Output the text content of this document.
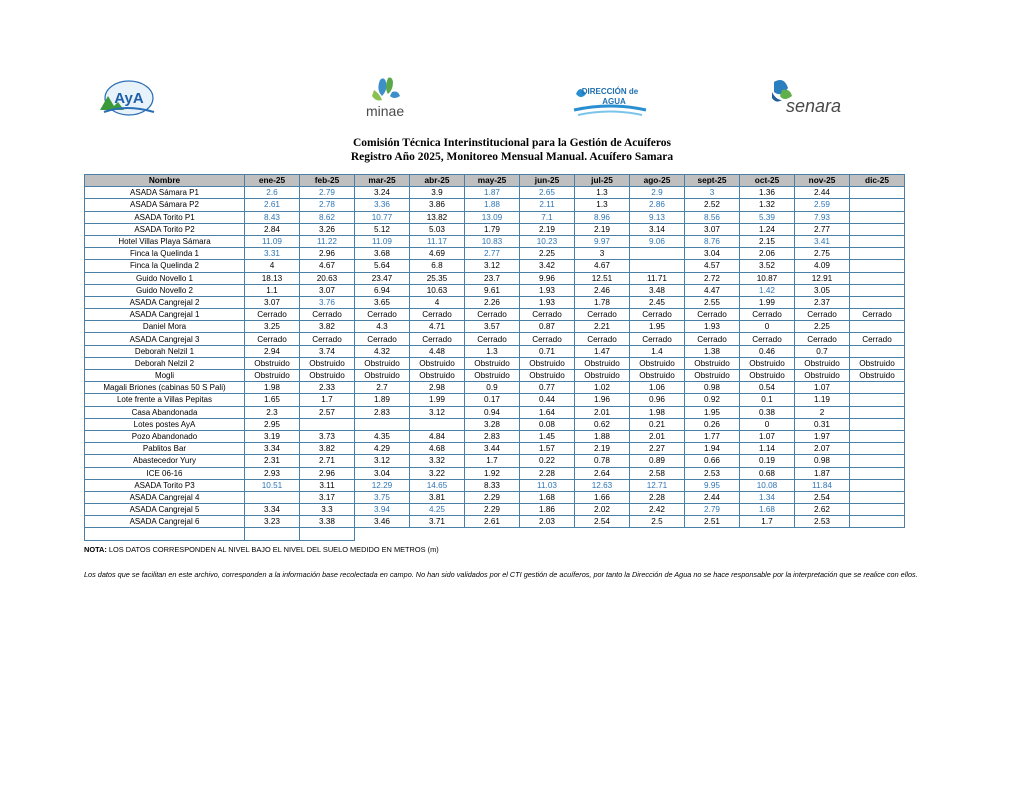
AyA
minae
DIRECCIÓN de
AGUA	senara
Comisión Técnica Interinstitucional para la Gestión de Acuíferos
Registro Año 2025, Monitoreo Mensual Manual. Acuífero Samara
Nombre	ene-25	feb-25	mar-25	abr-25	may-25	jun-25	jul-25	ago-25	sept-25	oct-25	nov-25	dic-25
ASADA Sámara P1	2.6	2.79	3.24	3.9	1.87	2.65	1.3	2.9	3	1.36	2.44	
ASADA Sámara P2	2.61	2.78	3.36	3.86	1.88	2.11	1.3	2.86	2.52	1.32	2.59	
ASADA Torito P1	8.43	8.62	10.77	13.82	13.09	7.1	8.96	9.13	8.56	5.39	7.93	
ASADA Torito P2	2.84	3.26	5.12	5.03	1.79	2.19	2.19	3.14	3.07	1.24	2.77	
Hotel Villas Playa Sámara	11.09	11.22	11.09	11.17	10.83	10.23	9.97	9.06	8.76	2.15	3.41	
Finca la Quelinda 1	3.31	2.96	3.68	4.69	2.77	2.25	3		3.04	2.06	2.75	
Finca la Quelinda 2	4	4.67	5.64	6.8	3.12	3.42	4.67		4.57	3.52	4.09	
Guido Novello 1	18.13	20.63	23.47	25.35	23.7	9.96	12.51	11.71	2.72	10.87	12.91	
Guido Novello 2	1.1	3.07	6.94	10.63	9.61	1.93	2.46	3.48	4.47	1.42	3.05	
ASADA Cangrejal 2	3.07	3.76	3.65	4	2.26	1.93	1.78	2.45	2.55	1.99	2.37	
ASADA Cangrejal 1	Cerrado	Cerrado	Cerrado	Cerrado	Cerrado	Cerrado	Cerrado	Cerrado	Cerrado	Cerrado	Cerrado	Cerrado
Daniel Mora	3.25	3.82	4.3	4.71	3.57	0.87	2.21	1.95	1.93	0	2.25	
ASADA Cangrejal 3	Cerrado	Cerrado	Cerrado	Cerrado	Cerrado	Cerrado	Cerrado	Cerrado	Cerrado	Cerrado	Cerrado	Cerrado
Deborah Nelzil 1	2.94	3.74	4.32	4.48	1.3	0.71	1.47	1.4	1.38	0.46	0.7	
Deborah Nelzil 2	Obstruido	Obstruido	Obstruido	Obstruido	Obstruido	Obstruido	Obstruido	Obstruido	Obstruido	Obstruido	Obstruido	Obstruido
Mogli	Obstruido	Obstruido	Obstruido	Obstruido	Obstruido	Obstruido	Obstruido	Obstruido	Obstruido	Obstruido	Obstruido	Obstruido
Magali Briones (cabinas 50 S Pali)	1.98	2.33	2.7	2.98	0.9	0.77	1.02	1.06	0.98	0.54	1.07	
Lote frente a Villas Pepitas	1.65	1.7	1.89	1.99	0.17	0.44	1.96	0.96	0.92	0.1	1.19	
Casa Abandonada	2.3	2.57	2.83	3.12	0.94	1.64	2.01	1.98	1.95	0.38	2	
Lotes postes AyA	2.95				3.28	0.08	0.62	0.21	0.26	0	0.31	
Pozo Abandonado	3.19	3.73	4.35	4.84	2.83	1.45	1.88	2.01	1.77	1.07	1.97	
Pablitos Bar	3.34	3.82	4.29	4.68	3.44	1.57	2.19	2.27	1.94	1.14	2.07	
Abastecedor Yury	2.31	2.71	3.12	3.32	1.7	0.22	0.78	0.89	0.66	0.19	0.98	
ICE 06-16	2.93	2.96	3.04	3.22	1.92	2.28	2.64	2.58	2.53	0.68	1.87	
ASADA Torito P3	10.51	3.11	12.29	14.65	8.33	11.03	12.63	12.71	9.95	10.08	11.84	
ASADA Cangrejal 4		3.17	3.75	3.81	2.29	1.68	1.66	2.28	2.44	1.34	2.54	
ASADA Cangrejal 5	3.34	3.3	3.94	4.25	2.29	1.86	2.02	2.42	2.79	1.68	2.62	
ASADA Cangrejal 6	3.23	3.38	3.46	3.71	2.61	2.03	2.54	2.5	2.51	1.7	2.53	

NOTA: LOS DATOS CORRESPONDEN AL NIVEL BAJO EL NIVEL DEL SUELO MEDIDO EN METROS (m)
Los datos que se facilitan en este archivo, corresponden a la información base recolectada en campo. No han sido validados por el CTI gestión de acuíferos, por tanto la Dirección de Agua no se hace responsable por la interpretación que se realice con ellos.
